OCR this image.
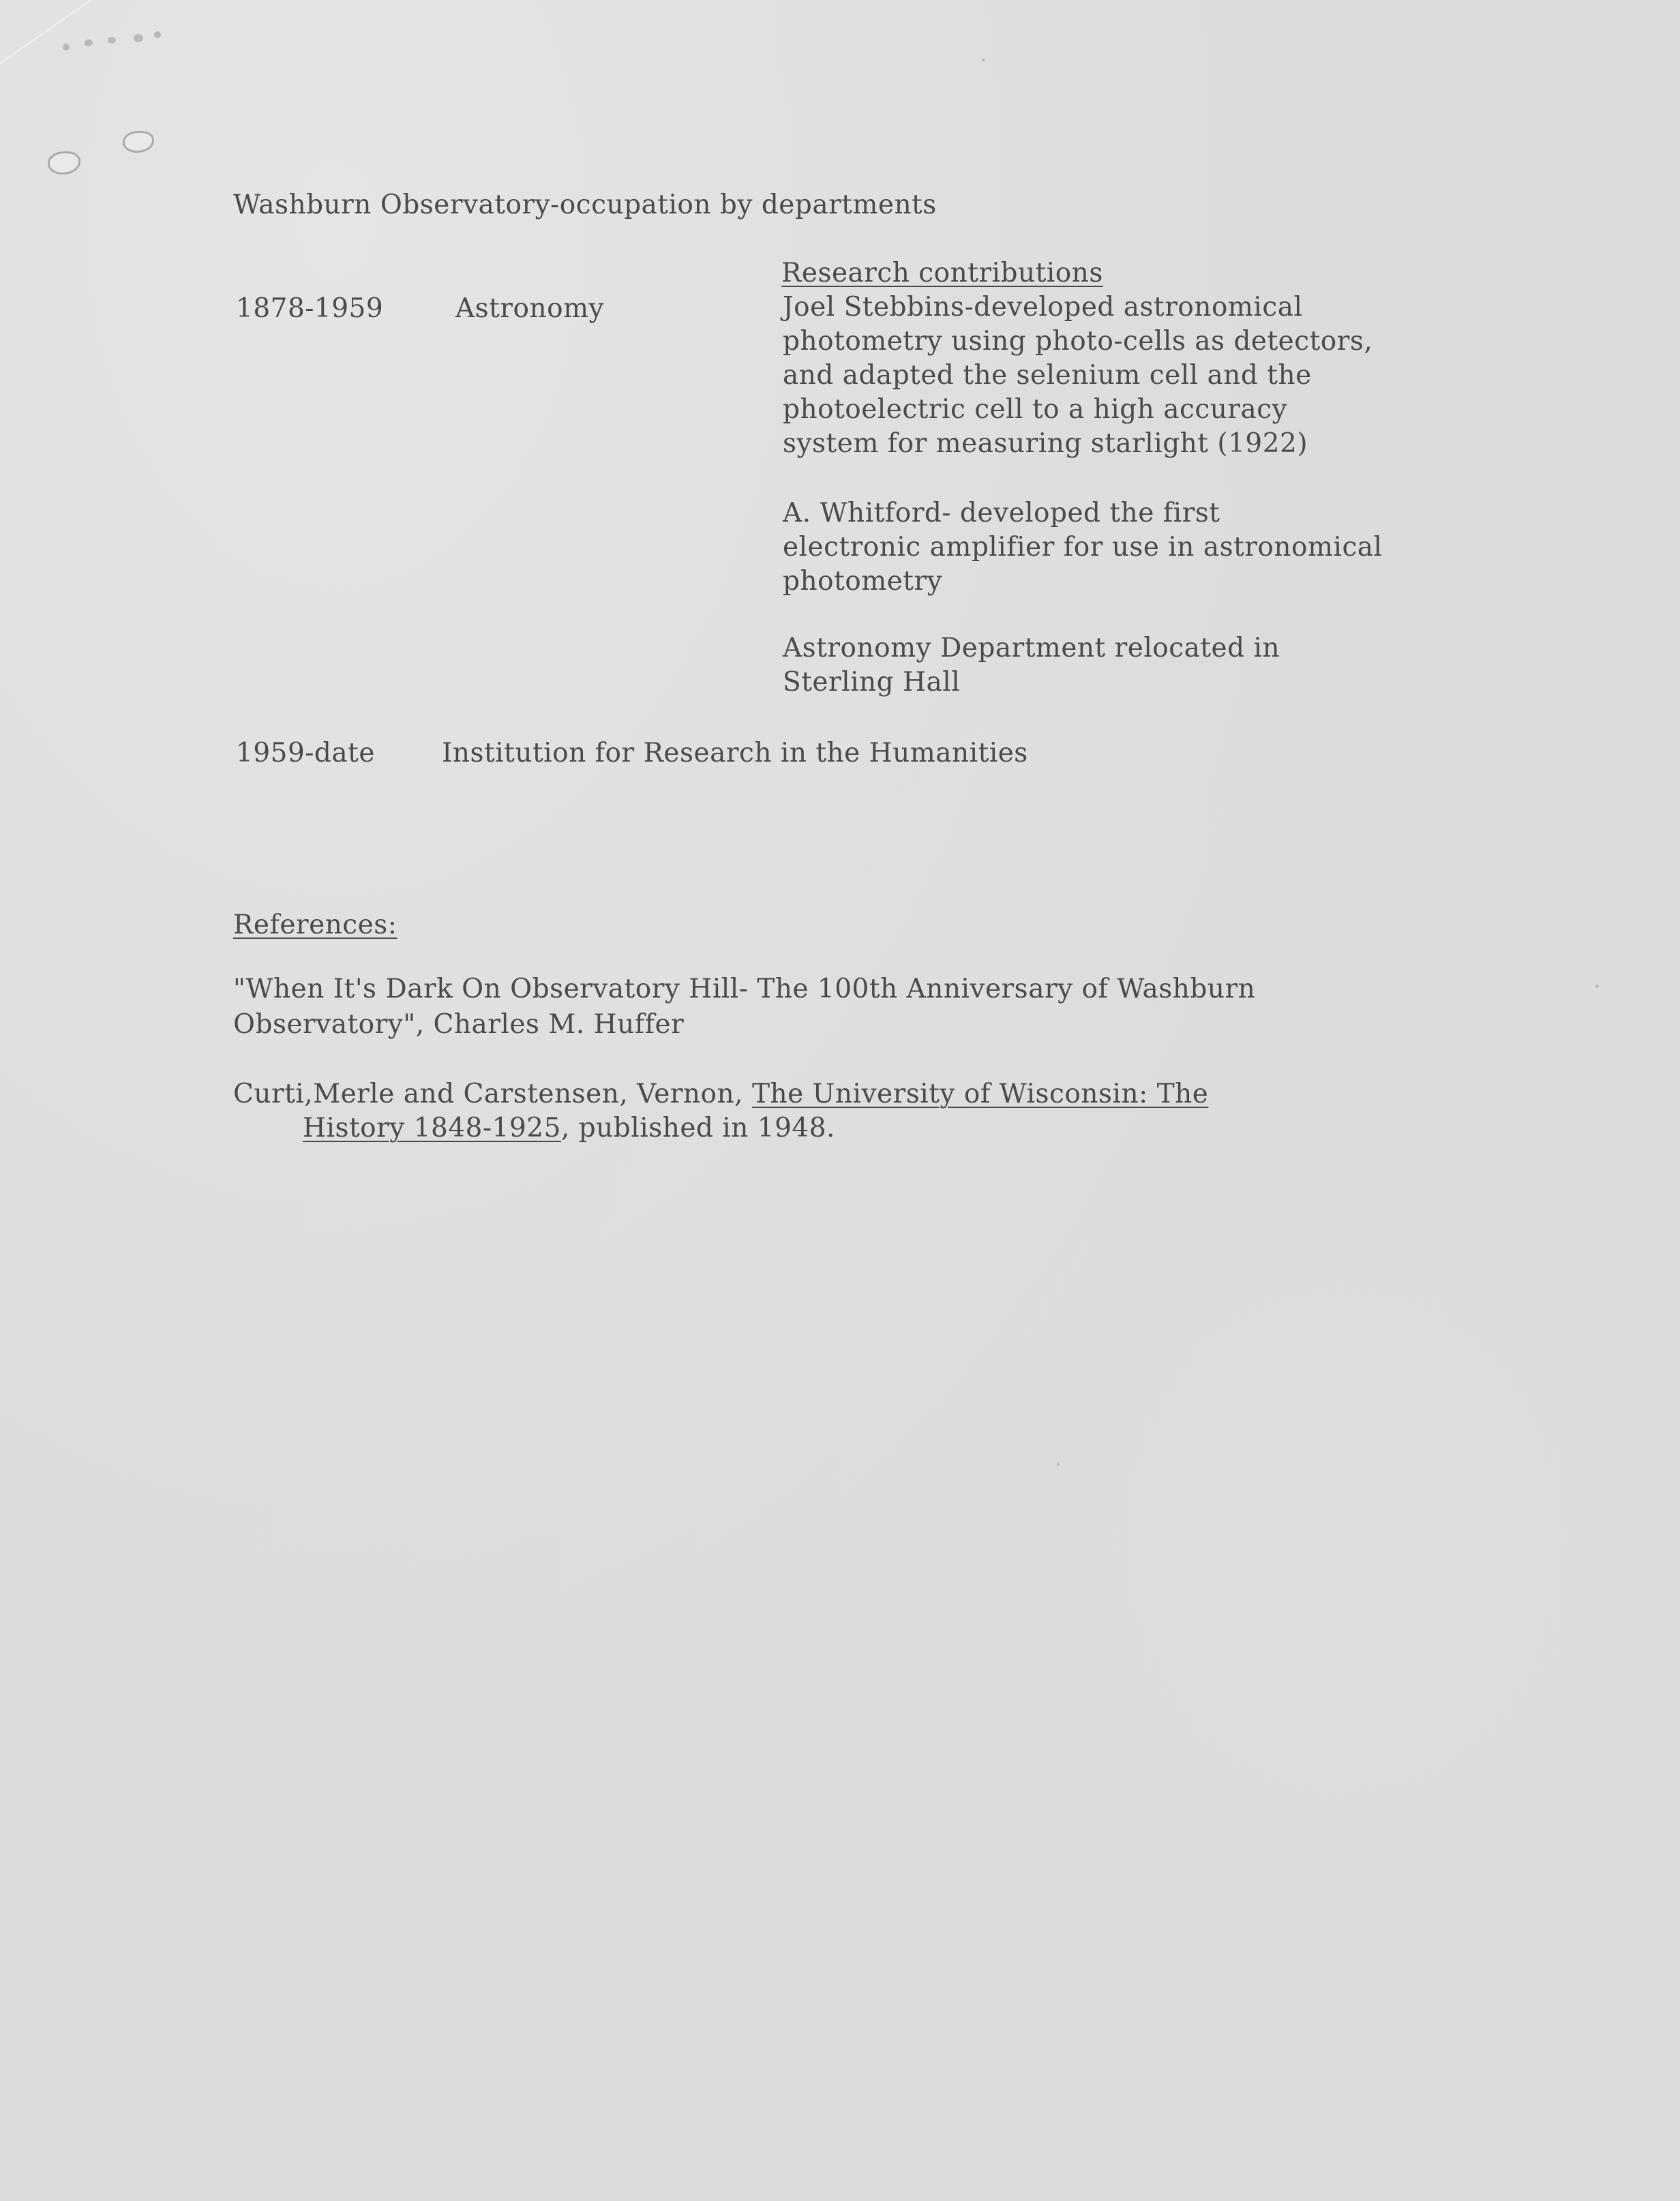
Washburn Observatory-occupation by departments
Research contributions
1878-1959	Astronomy	Joel Stebbins-developed astronomical
photometry using photo-cells as detectors,
and adapted the selenium cell and the
photoelectric cell to a high accuracy
system for measuring starlight (1922)
A. Whitford- developed the first
electronic amplifier for use in astronomical
photometry
Astronomy Department relocated in
Sterling Hall
1959-date	Institution for Research in the Humanities
References:
"When It's Dark On Observatory Hill- The 100th Anniversary of Washburn
Observatory", Charles M. Huffer
Curti,Merle and Carstensen, Vernon, The University of Wisconsin: The
History 1848-1925, published in 1948.
